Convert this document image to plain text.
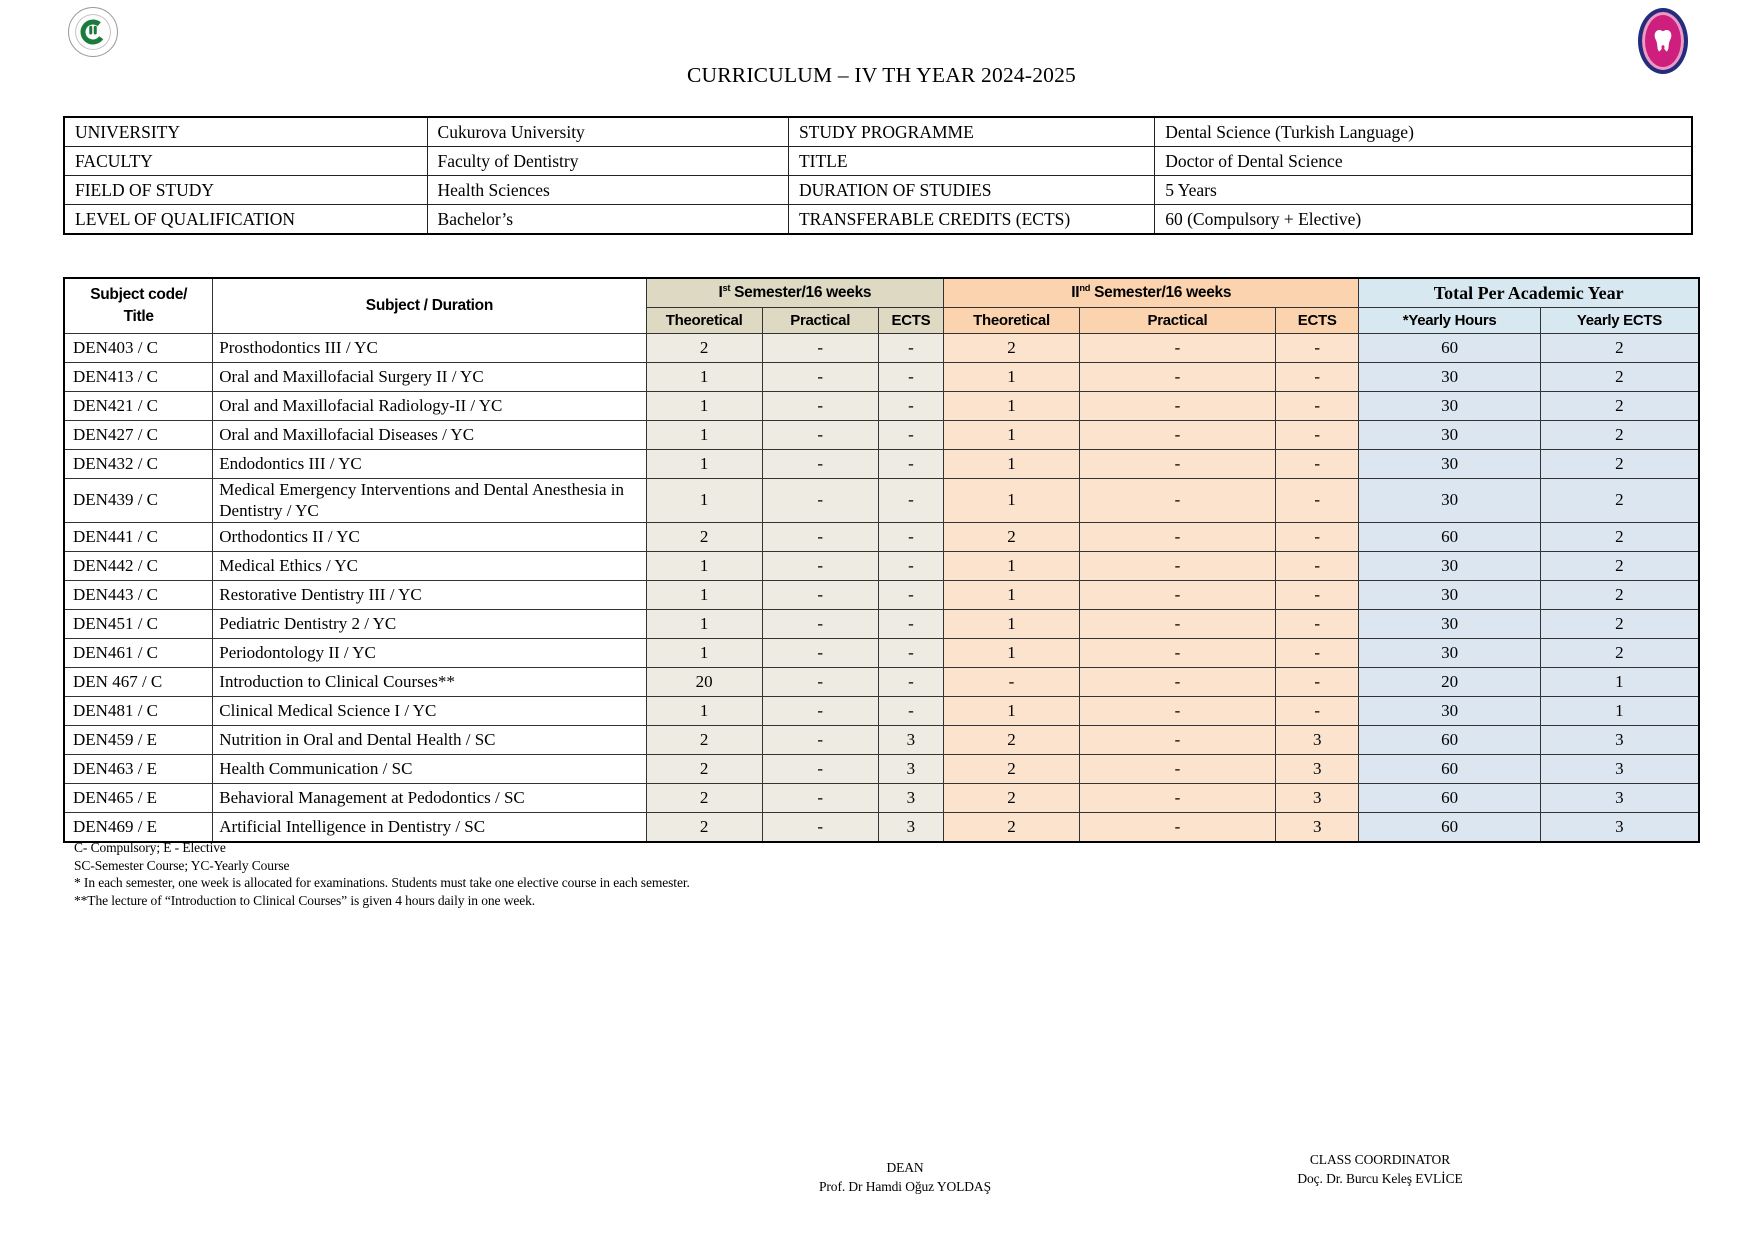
CURRICULUM – IV TH YEAR 2024-2025
UNIVERSITY	Cukurova University	STUDY PROGRAMME	Dental Science (Turkish Language)
FACULTY	Faculty of Dentistry	TITLE	Doctor of Dental Science
FIELD OF STUDY	Health Sciences	DURATION OF STUDIES	5 Years
LEVEL OF QUALIFICATION	Bachelor’s	TRANSFERABLE CREDITS (ECTS)	60 (Compulsory + Elective)
Subject code/
Title	Subject / Duration	Ist Semester/16 weeks			IInd Semester/16 weeks			Total Per Academic Year	
		Theoretical	Practical	ECTS	Theoretical	Practical	ECTS	*Yearly Hours	Yearly ECTS
DEN403 / C	Prosthodontics III / YC	2	-	-	2	-	-	60	2
DEN413 / C	Oral and Maxillofacial Surgery II / YC	1	-	-	1	-	-	30	2
DEN421 / C	Oral and Maxillofacial Radiology-II / YC	1	-	-	1	-	-	30	2
DEN427 / C	Oral and Maxillofacial Diseases / YC	1	-	-	1	-	-	30	2
DEN432 / C	Endodontics III / YC	1	-	-	1	-	-	30	2
DEN439 / C	Medical Emergency Interventions and Dental Anesthesia in Dentistry / YC	1	-	-	1	-	-	30	2
DEN441 / C	Orthodontics II / YC	2	-	-	2	-	-	60	2
DEN442 / C	Medical Ethics / YC	1	-	-	1	-	-	30	2
DEN443 / C	Restorative Dentistry III / YC	1	-	-	1	-	-	30	2
DEN451 / C	Pediatric Dentistry 2 / YC	1	-	-	1	-	-	30	2
DEN461 / C	Periodontology II / YC	1	-	-	1	-	-	30	2
DEN 467 / C	Introduction to Clinical Courses**	20	-	-	-	-	-	20	1
DEN481 / C	Clinical Medical Science I / YC	1	-	-	1	-	-	30	1
DEN459 / E	Nutrition in Oral and Dental Health / SC	2	-	3	2	-	3	60	3
DEN463 / E	Health Communication / SC	2	-	3	2	-	3	60	3
DEN465 / E	Behavioral Management at Pedodontics / SC	2	-	3	2	-	3	60	3
DEN469 / E	Artificial Intelligence in Dentistry / SC	2	-	3	2	-	3	60	3
C- Compulsory; E - Elective
SC-Semester Course; YC-Yearly Course
* In each semester, one week is allocated for examinations. Students must take one elective course in each semester.
**The lecture of “Introduction to Clinical Courses” is given 4 hours daily in one week.
DEAN
Prof. Dr Hamdi Oğuz YOLDAŞ
CLASS COORDINATOR
Doç. Dr. Burcu Keleş EVLİCE
